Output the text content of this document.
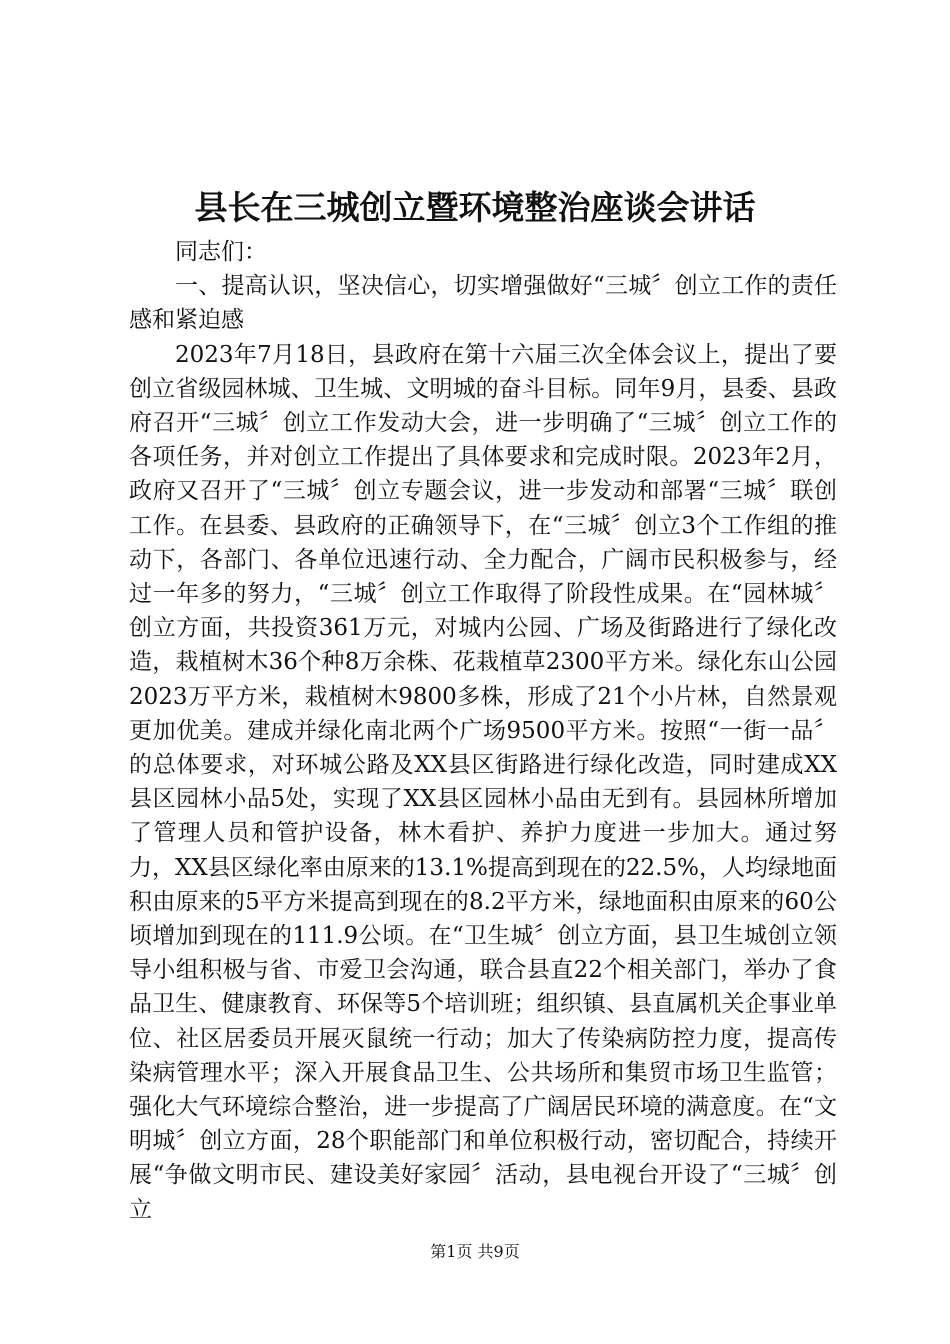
县长在三城创立暨环境整治座谈会讲话

同志们：

一、提高认识，坚决信心，切实增强做好“三城〞创立工作的责任感和紧迫感

2023年7月18日，县政府在第十六届三次全体会议上，提出了要创立省级园林城、卫生城、文明城的奋斗目标。同年9月，县委、县政府召开“三城〞创立工作发动大会，进一步明确了“三城〞创立工作的各项任务，并对创立工作提出了具体要求和完成时限。2023年2月，政府又召开了“三城〞创立专题会议，进一步发动和部署“三城〞联创工作。在县委、县政府的正确领导下，在“三城〞创立3个工作组的推动下，各部门、各单位迅速行动、全力配合，广阔市民积极参与，经过一年多的努力，“三城〞创立工作取得了阶段性成果。在“园林城〞创立方面，共投资361万元，对城内公园、广场及街路进行了绿化改造，栽植树木36个种8万余株、花栽植草2300平方米。绿化东山公园2023万平方米，栽植树木9800多株，形成了21个小片林，自然景观更加优美。建成并绿化南北两个广场9500平方米。按照“一街一品〞的总体要求，对环城公路及XX县区街路进行绿化改造，同时建成XX县区园林小品5处，实现了XX县区园林小品由无到有。县园林所增加了管理人员和管护设备，林木看护、养护力度进一步加大。通过努力，XX县区绿化率由原来的13.1%提高到现在的22.5%，人均绿地面积由原来的5平方米提高到现在的8.2平方米，绿地面积由原来的60公顷增加到现在的111.9公顷。在“卫生城〞创立方面，县卫生城创立领导小组积极与省、市爱卫会沟通，联合县直22个相关部门，举办了食品卫生、健康教育、环保等5个培训班；组织镇、县直属机关企事业单位、社区居委员开展灭鼠统一行动；加大了传染病防控力度，提高传染病管理水平；深入开展食品卫生、公共场所和集贸市场卫生监管；强化大气环境综合整治，进一步提高了广阔居民环境的满意度。在“文明城〞创立方面，28个职能部门和单位积极行动，密切配合，持续开展“争做文明市民、建设美好家园〞活动，县电视台开设了“三城〞创立

第1页 共9页
